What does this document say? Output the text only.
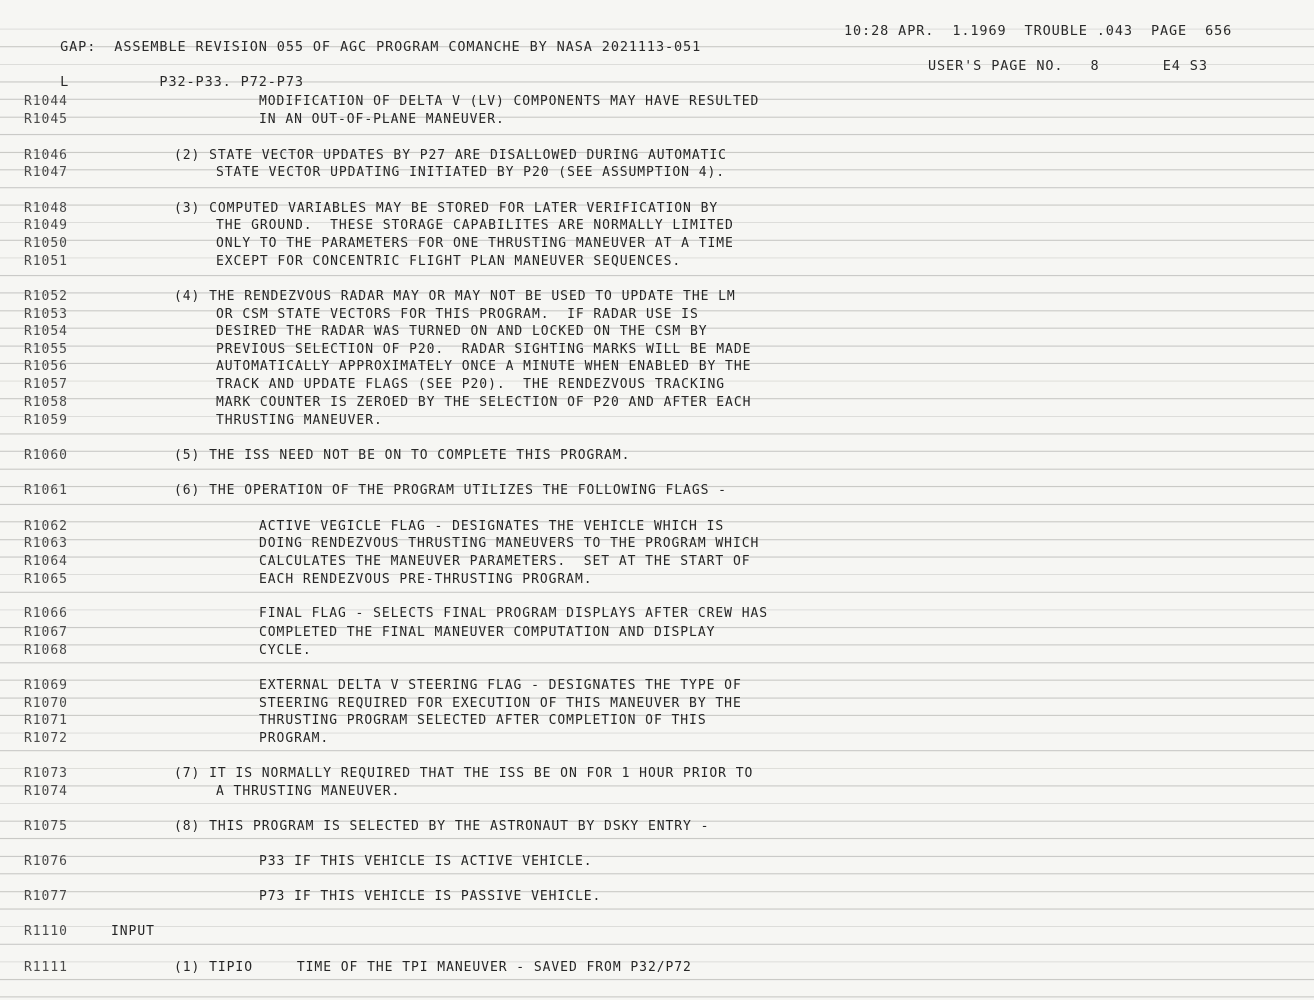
GAP:  ASSEMBLE REVISION 055 OF AGC PROGRAM COMANCHE BY NASA 2021113-051

10:28 APR.  1.1969  TROUBLE .043  PAGE  656

L          P32-P33. P72-P73

USER'S PAGE NO.   8       E4 S3

R1044	MODIFICATION OF DELTA V (LV) COMPONENTS MAY HAVE RESULTED
R1045	IN AN OUT-OF-PLANE MANEUVER.
R1046	(2) STATE VECTOR UPDATES BY P27 ARE DISALLOWED DURING AUTOMATIC
R1047	STATE VECTOR UPDATING INITIATED BY P20 (SEE ASSUMPTION 4).
R1048	(3) COMPUTED VARIABLES MAY BE STORED FOR LATER VERIFICATION BY
R1049	THE GROUND.  THESE STORAGE CAPABILITES ARE NORMALLY LIMITED
R1050	ONLY TO THE PARAMETERS FOR ONE THRUSTING MANEUVER AT A TIME
R1051	EXCEPT FOR CONCENTRIC FLIGHT PLAN MANEUVER SEQUENCES.
R1052	(4) THE RENDEZVOUS RADAR MAY OR MAY NOT BE USED TO UPDATE THE LM
R1053	OR CSM STATE VECTORS FOR THIS PROGRAM.  IF RADAR USE IS
R1054	DESIRED THE RADAR WAS TURNED ON AND LOCKED ON THE CSM BY
R1055	PREVIOUS SELECTION OF P20.  RADAR SIGHTING MARKS WILL BE MADE
R1056	AUTOMATICALLY APPROXIMATELY ONCE A MINUTE WHEN ENABLED BY THE
R1057	TRACK AND UPDATE FLAGS (SEE P20).  THE RENDEZVOUS TRACKING
R1058	MARK COUNTER IS ZEROED BY THE SELECTION OF P20 AND AFTER EACH
R1059	THRUSTING MANEUVER.
R1060	(5) THE ISS NEED NOT BE ON TO COMPLETE THIS PROGRAM.
R1061	(6) THE OPERATION OF THE PROGRAM UTILIZES THE FOLLOWING FLAGS -
R1062	ACTIVE VEGICLE FLAG - DESIGNATES THE VEHICLE WHICH IS
R1063	DOING RENDEZVOUS THRUSTING MANEUVERS TO THE PROGRAM WHICH
R1064	CALCULATES THE MANEUVER PARAMETERS.  SET AT THE START OF
R1065	EACH RENDEZVOUS PRE-THRUSTING PROGRAM.
R1066	FINAL FLAG - SELECTS FINAL PROGRAM DISPLAYS AFTER CREW HAS
R1067	COMPLETED THE FINAL MANEUVER COMPUTATION AND DISPLAY
R1068	CYCLE.
R1069	EXTERNAL DELTA V STEERING FLAG - DESIGNATES THE TYPE OF
R1070	STEERING REQUIRED FOR EXECUTION OF THIS MANEUVER BY THE
R1071	THRUSTING PROGRAM SELECTED AFTER COMPLETION OF THIS
R1072	PROGRAM.
R1073	(7) IT IS NORMALLY REQUIRED THAT THE ISS BE ON FOR 1 HOUR PRIOR TO
R1074	A THRUSTING MANEUVER.
R1075	(8) THIS PROGRAM IS SELECTED BY THE ASTRONAUT BY DSKY ENTRY -
R1076	P33 IF THIS VEHICLE IS ACTIVE VEHICLE.
R1077	P73 IF THIS VEHICLE IS PASSIVE VEHICLE.
R1110	INPUT
R1111	(1) TIPIO     TIME OF THE TPI MANEUVER - SAVED FROM P32/P72
